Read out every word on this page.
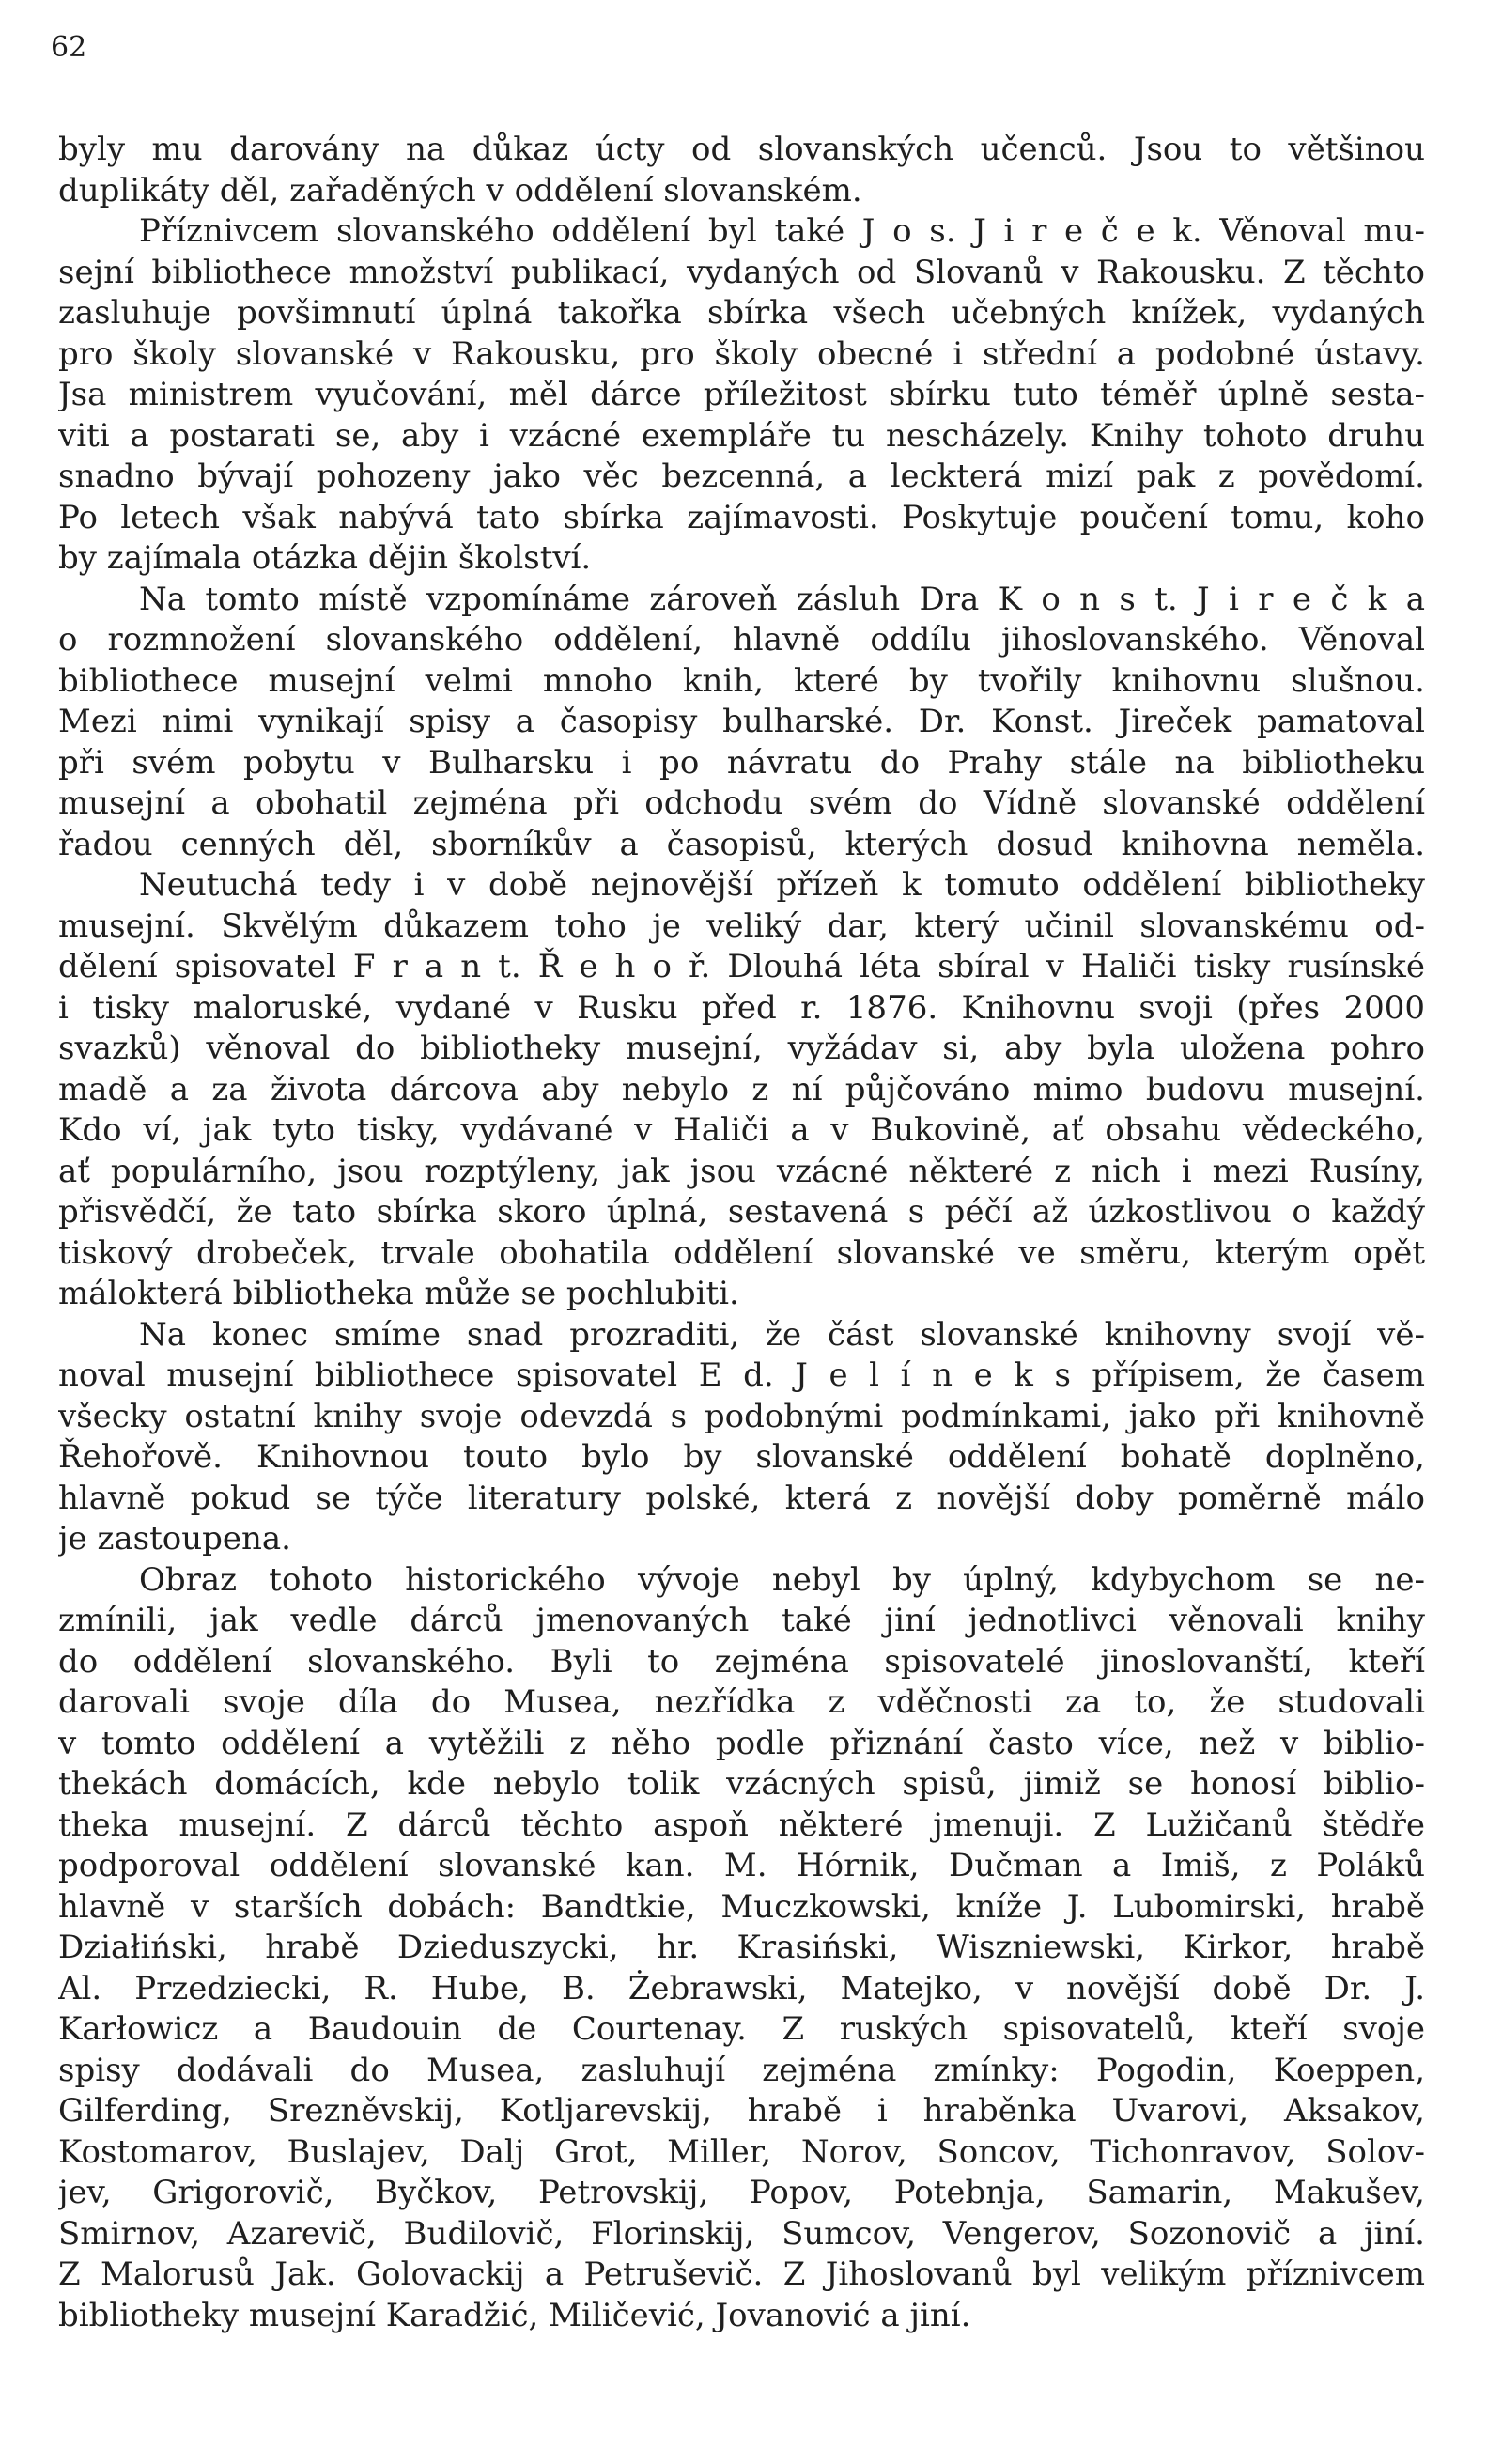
62
byly mu darovány na důkaz úcty od slovanských učenců. Jsou to většinou
duplikáty děl, zařaděných v oddělení slovanském.
Příznivcem slovanského oddělení byl také J o s. J i r e č e k. Věnoval mu-
sejní bibliothece množství publikací, vydaných od Slovanů v Rakousku. Z těchto
zasluhuje povšimnutí úplná takořka sbírka všech učebných knížek, vydaných
pro školy slovanské v Rakousku, pro školy obecné i střední a podobné ústavy.
Jsa ministrem vyučování, měl dárce příležitost sbírku tuto téměř úplně sesta-
viti a postarati se, aby i vzácné exempláře tu nescházely. Knihy tohoto druhu
snadno bývají pohozeny jako věc bezcenná, a leckterá mizí pak z povědomí.
Po letech však nabývá tato sbírka zajímavosti. Poskytuje poučení tomu, koho
by zajímala otázka dějin školství.
Na tomto místě vzpomínáme zároveň zásluh Dra K o n s t. J i r e č k a
o rozmnožení slovanského oddělení, hlavně oddílu jihoslovanského. Věnoval
bibliothece musejní velmi mnoho knih, které by tvořily knihovnu slušnou.
Mezi nimi vynikají spisy a časopisy bulharské. Dr. Konst. Jireček pamatoval
při svém pobytu v Bulharsku i po návratu do Prahy stále na bibliotheku
musejní a obohatil zejména při odchodu svém do Vídně slovanské oddělení
řadou cenných děl, sborníkův a časopisů, kterých dosud knihovna neměla.
Neutuchá tedy i v době nejnovější přízeň k tomuto oddělení bibliotheky
musejní. Skvělým důkazem toho je veliký dar, který učinil slovanskému od-
dělení spisovatel F r a n t. Ř e h o ř. Dlouhá léta sbíral v Haliči tisky rusínské
i tisky maloruské, vydané v Rusku před r. 1876. Knihovnu svoji (přes 2000
svazků) věnoval do bibliotheky musejní, vyžádav si, aby byla uložena pohro
madě a za života dárcova aby nebylo z ní půjčováno mimo budovu musejní.
Kdo ví, jak tyto tisky, vydávané v Haliči a v Bukovině, ať obsahu vědeckého,
ať populárního, jsou rozptýleny, jak jsou vzácné některé z nich i mezi Rusíny,
přisvědčí, že tato sbírka skoro úplná, sestavená s péčí až úzkostlivou o každý
tiskový drobeček, trvale obohatila oddělení slovanské ve směru, kterým opět
málokterá bibliotheka může se pochlubiti.
Na konec smíme snad prozraditi, že část slovanské knihovny svojí vě-
noval musejní bibliothece spisovatel E d. J e l í n e k s přípisem, že časem
všecky ostatní knihy svoje odevzdá s podobnými podmínkami, jako při knihovně
Řehořově. Knihovnou touto bylo by slovanské oddělení bohatě doplněno,
hlavně pokud se týče literatury polské, která z novější doby poměrně málo
je zastoupena.
Obraz tohoto historického vývoje nebyl by úplný, kdybychom se ne-
zmínili, jak vedle dárců jmenovaných také jiní jednotlivci věnovali knihy
do oddělení slovanského. Byli to zejména spisovatelé jinoslovanští, kteří
darovali svoje díla do Musea, nezřídka z vděčnosti za to, že studovali
v tomto oddělení a vytěžili z něho podle přiznání často více, než v biblio-
thekách domácích, kde nebylo tolik vzácných spisů, jimiž se honosí biblio-
theka musejní. Z dárců těchto aspoň některé jmenuji. Z Lužičanů štědře
podporoval oddělení slovanské kan. M. Hórnik, Dučman a Imiš, z Poláků
hlavně v starších dobách: Bandtkie, Muczkowski, kníže J. Lubomirski, hrabě
Działiński, hrabě Dzieduszycki, hr. Krasiński, Wiszniewski, Kirkor, hrabě
Al. Przedziecki, R. Hube, B. Żebrawski, Matejko, v novější době Dr. J.
Karłowicz a Baudouin de Courtenay. Z ruských spisovatelů, kteří svoje
spisy dodávali do Musea, zasluhují zejména zmínky: Pogodin, Koeppen,
Gilferding, Srezněvskij, Kotljarevskij, hrabě i hraběnka Uvarovi, Aksakov,
Kostomarov, Buslajev, Dalj Grot, Miller, Norov, Soncov, Tichonravov, Solov-
jev, Grigorovič, Byčkov, Petrovskij, Popov, Potebnja, Samarin, Makušev,
Smirnov, Azarevič, Budilovič, Florinskij, Sumcov, Vengerov, Sozonovič a jiní.
Z Malorusů Jak. Golovackij a Petruševič. Z Jihoslovanů byl velikým příznivcem
bibliotheky musejní Karadžić, Miličević, Jovanović a jiní.
